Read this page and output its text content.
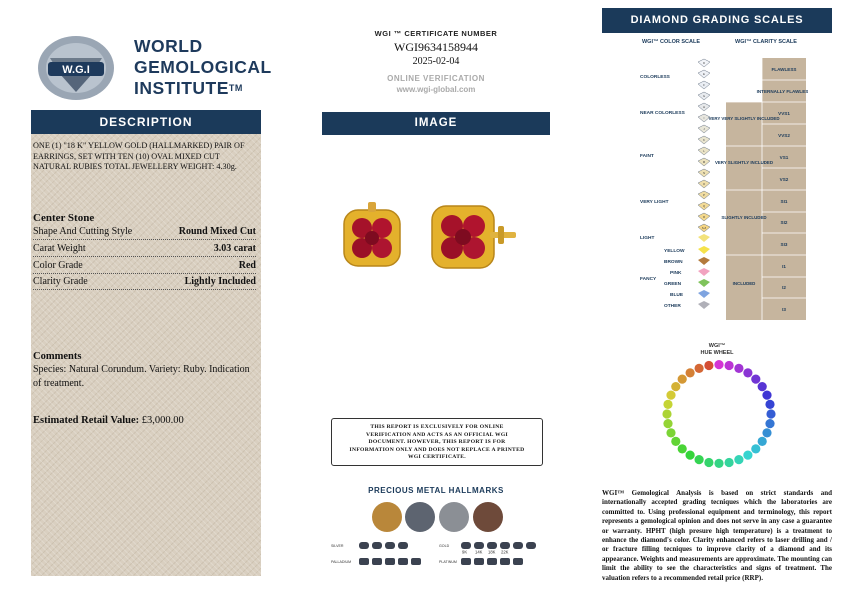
W.G.I
WORLD
GEMOLOGICAL
INSTITUTE™
DESCRIPTION
ONE (1) "18 K" YELLOW GOLD (HALLMARKED) PAIR OF EARRINGS, SET WITH TEN (10) OVAL MIXED CUT NATURAL RUBIES TOTAL JEWELLERY WEIGHT: 4.30g.
Center Stone
Shape And Cutting Style	Round Mixed Cut
Carat Weight	3.03 carat
Color Grade	Red
Clarity Grade	Lightly Included
Comments
Species: Natural Corundum. Variety: Ruby. Indication of treatment.
Estimated Retail Value: £3,000.00
WGI ™ CERTIFICATE NUMBER
WGI9634158944
2025-02-04
ONLINE VERIFICATION
www.wgi-global.com
IMAGE
THIS REPORT IS EXCLUSIVELY FOR ONLINE VERIFICATION AND ACTS AS AN OFFICIAL WGI DOCUMENT. HOWEVER, THIS REPORT IS FOR INFORMATION ONLY AND DOES NOT REPLACE A PRINTED WGI CERTIFICATE.
PRECIOUS METAL HALLMARKS
SILVER	GOLD
PALLADIUM	PLATINUM
9K 14K 18K 22K
DIAMOND GRADING SCALES
WGI™ COLOR SCALE	WGI™ CLARITY SCALE
COLORLESS
NEAR COLORLESS
FAINT
VERY LIGHT
LIGHT
YELLOW
BROWN
PINK
GREEN
BLUE
OTHER
FANCY
D
E
F
G
H
I
J
K
L
M
N
O
P
Q
R
S-Z
VERY VERY SLIGHTLY INCLUDED
VERY SLIGHTLY INCLUDED
SLIGHTLY INCLUDED
INCLUDED
FLAWLESS
INTERNALLY FLAWLESS
VVS1
VVS2
VS1
VS2
SI1
SI2
SI3
I1
I2
I3
WGI™
HUE WHEEL
WGI™ Gemological Analysis is based on strict standards and internationally accepted grading tecniques which the laboratories are committed to. Using professional equipment and terminology, this report represents a gemological opinion and does not serve in any case a guarantee or warranty. HPHT (high presure high temperature) is a treatment to enhance the diamond's color. Clarity enhanced refers to laser drilling and / or fracture filling tecniques to improve clarity of a diamond and its appearance. Weights and measurements are approximate. The mounting can limit the ability to see the characteristics and signs of treatment. The valuation refers to a recommended retail price (RRP).
